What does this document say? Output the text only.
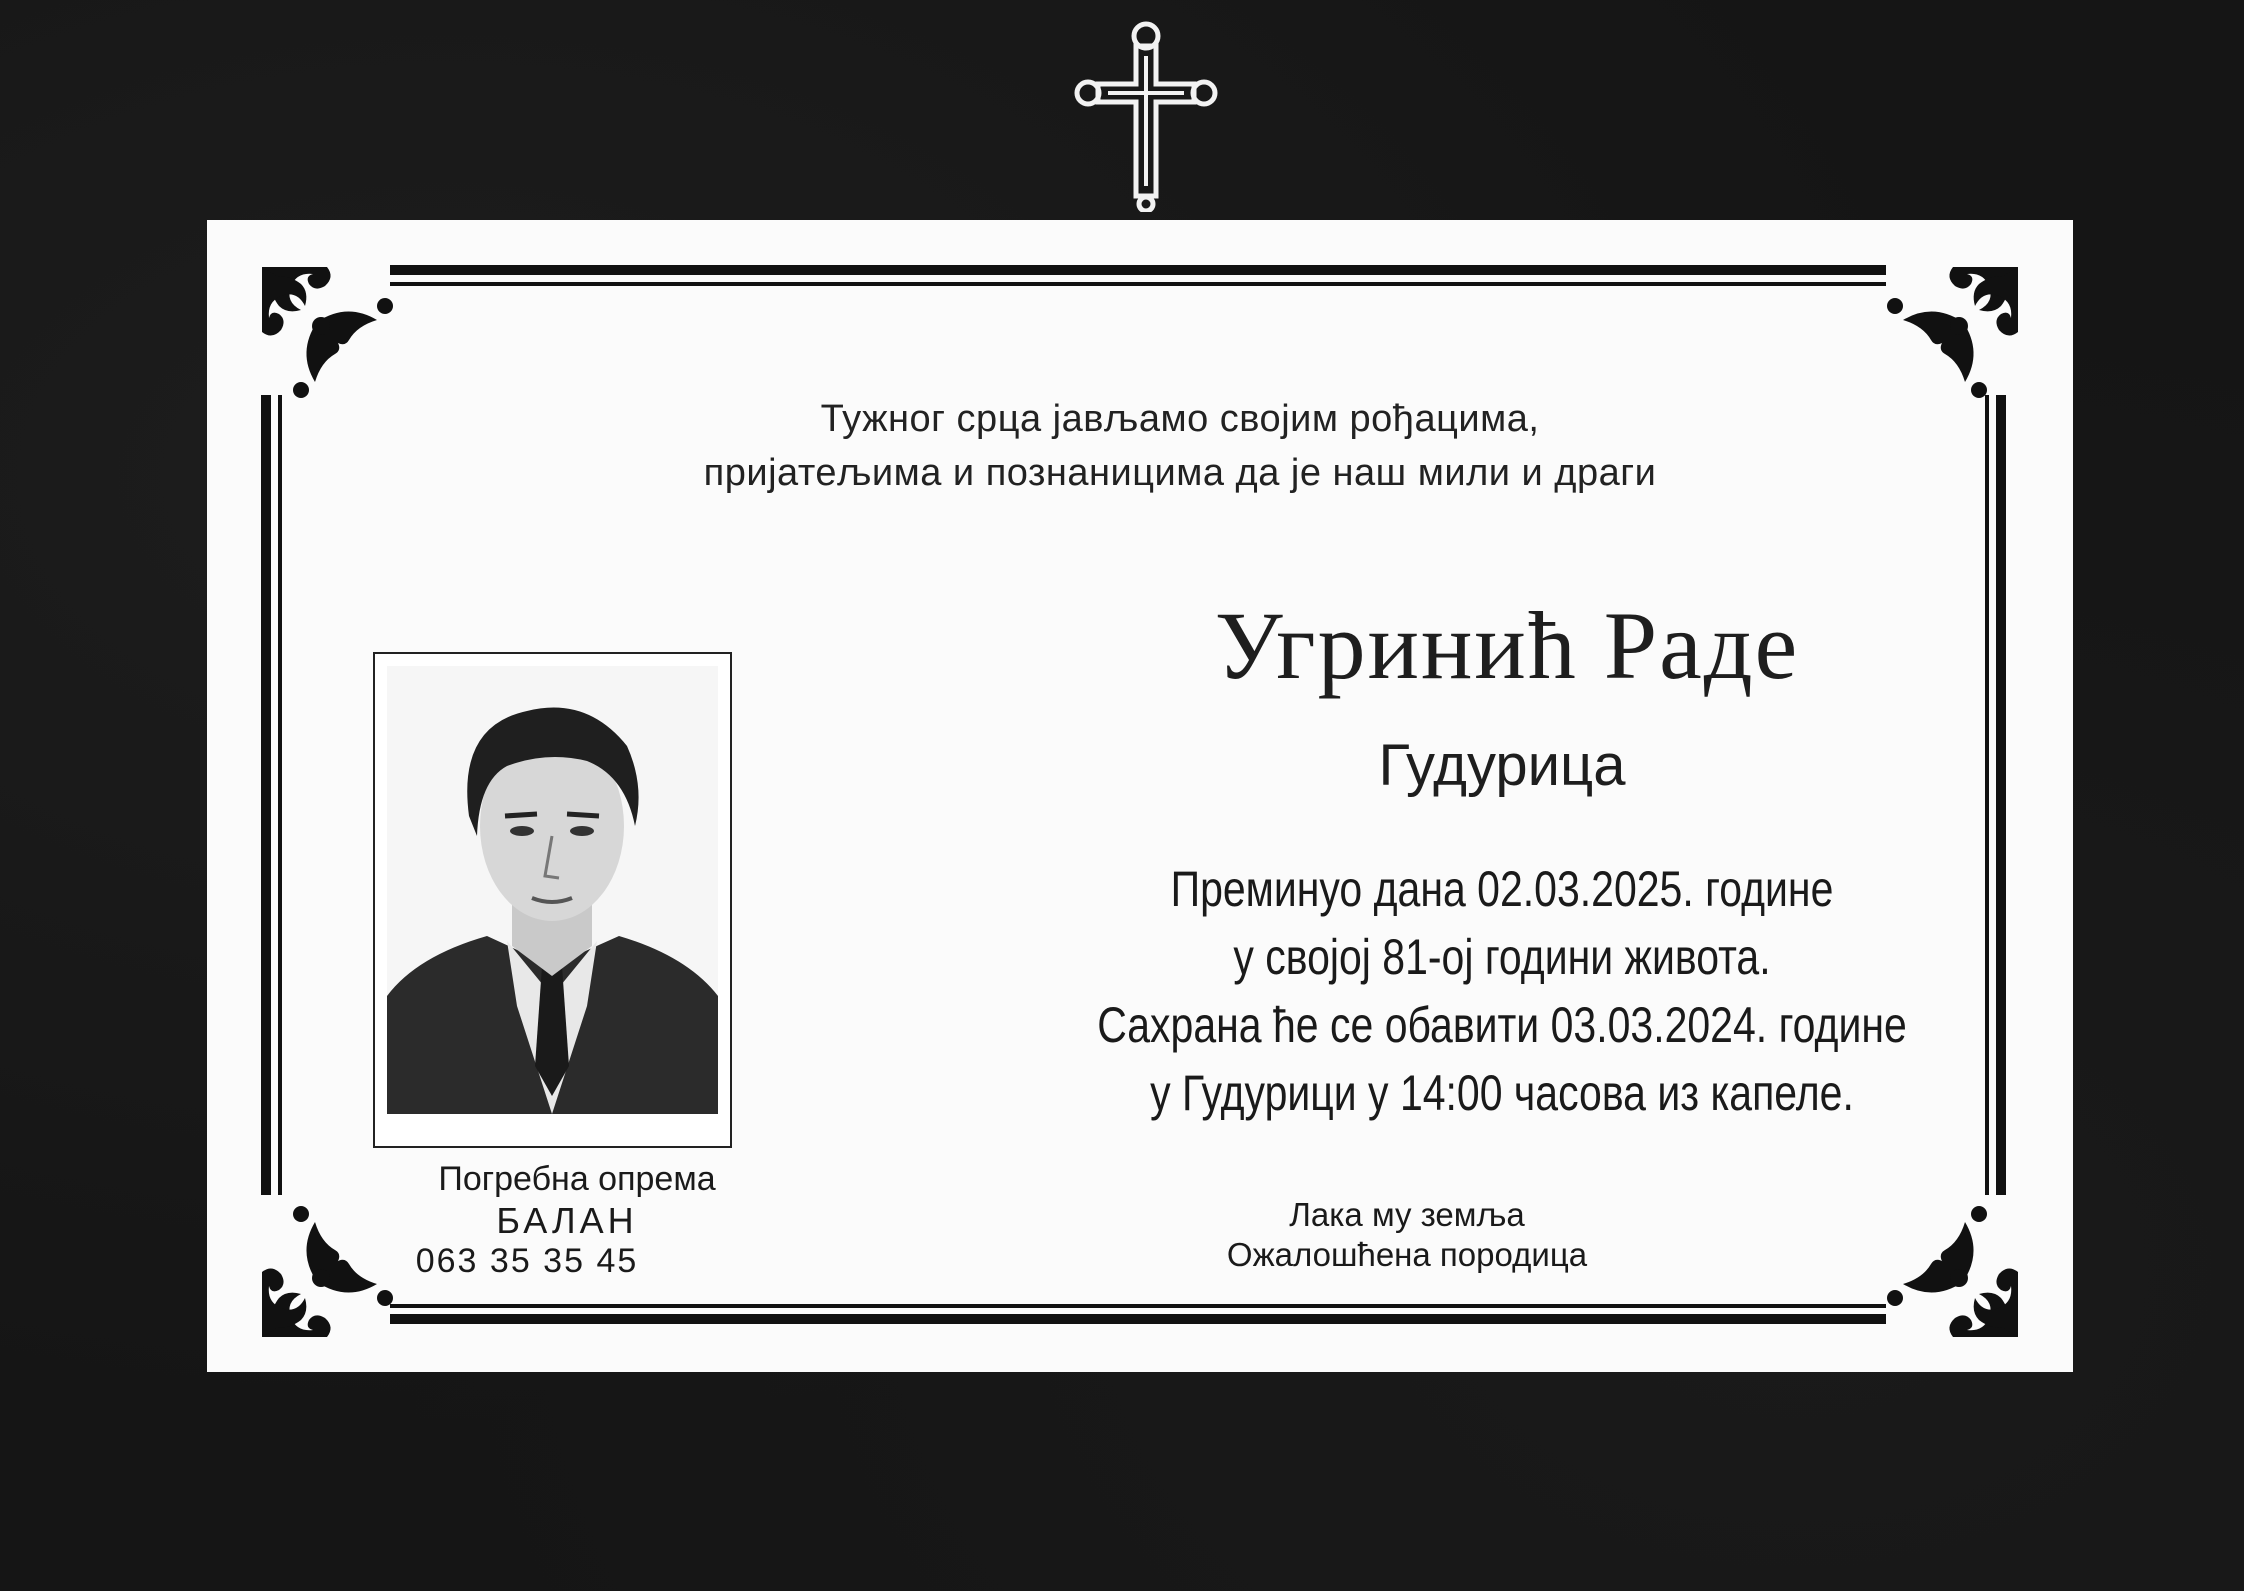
Тужног срца јављамо својим рођацима,
пријатељима и познаницима да је наш мили и драги
Угринић Раде
Гудурица
Преминуо дана 02.03.2025. године
у својој 81-ој години живота.
Сахрана ће се обавити 03.03.2024. године
у Гудурици у 14:00 часова из капеле.
Погребна опрема
БАЛАН
063 35 35 45
Лака му земља
Ожалошћена породица
